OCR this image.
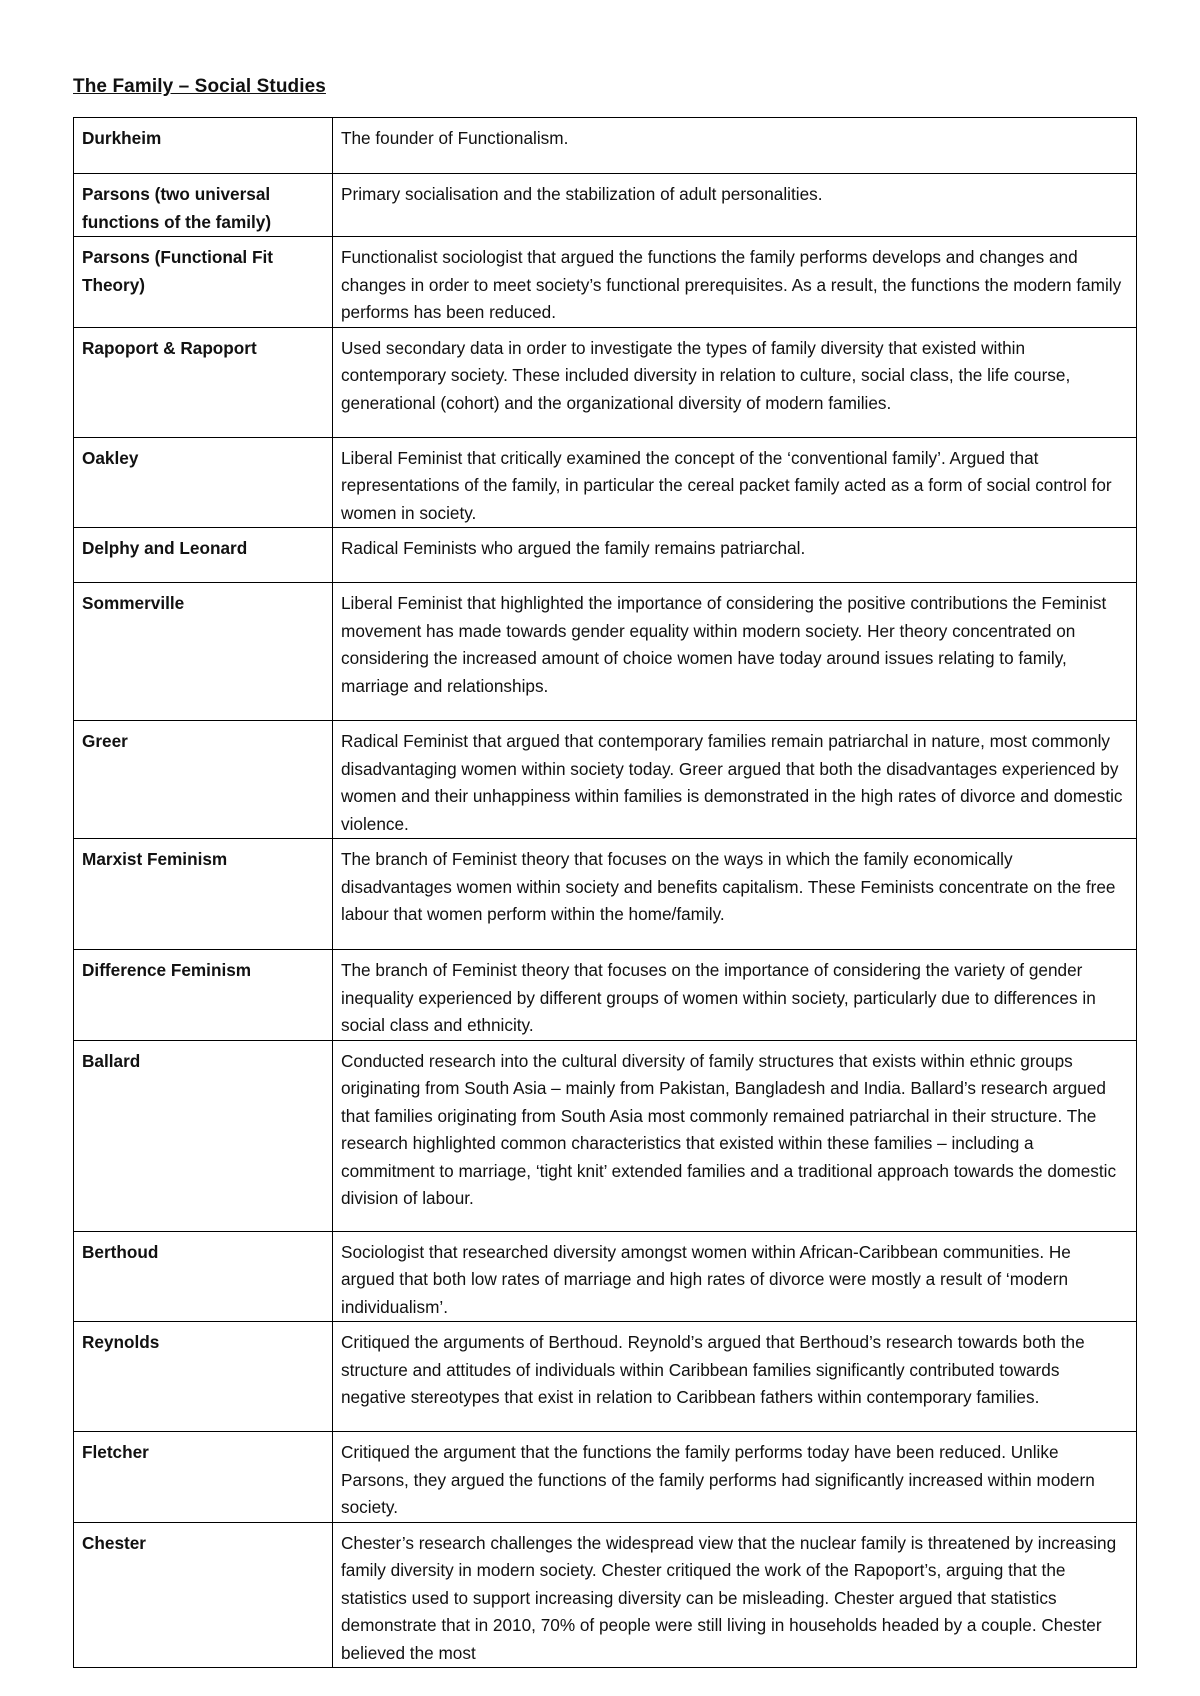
The Family – Social Studies
Durkheim	The founder of Functionalism.
Parsons (two universal functions of the family)	Primary socialisation and the stabilization of adult personalities.
Parsons (Functional Fit Theory)	Functionalist sociologist that argued the functions the family performs develops and changes and changes in order to meet society’s functional prerequisites. As a result, the functions the modern family performs has been reduced.
Rapoport & Rapoport	Used secondary data in order to investigate the types of family diversity that existed within contemporary society. These included diversity in relation to culture, social class, the life course, generational (cohort) and the organizational diversity of modern families.
Oakley	Liberal Feminist that critically examined the concept of the ‘conventional family’. Argued that representations of the family, in particular the cereal packet family acted as a form of social control for women in society.
Delphy and Leonard	Radical Feminists who argued the family remains patriarchal.
Sommerville	Liberal Feminist that highlighted the importance of considering the positive contributions the Feminist movement has made towards gender equality within modern society. Her theory concentrated on considering the increased amount of choice women have today around issues relating to family, marriage and relationships.
Greer	Radical Feminist that argued that contemporary families remain patriarchal in nature, most commonly disadvantaging women within society today. Greer argued that both the disadvantages experienced by women and their unhappiness within families is demonstrated in the high rates of divorce and domestic violence.
Marxist Feminism	The branch of Feminist theory that focuses on the ways in which the family economically disadvantages women within society and benefits capitalism. These Feminists concentrate on the free labour that women perform within the home/family.
Difference Feminism	The branch of Feminist theory that focuses on the importance of considering the variety of gender inequality experienced by different groups of women within society, particularly due to differences in social class and ethnicity.
Ballard	Conducted research into the cultural diversity of family structures that exists within ethnic groups originating from South Asia – mainly from Pakistan, Bangladesh and India. Ballard’s research argued that families originating from South Asia most commonly remained patriarchal in their structure. The research highlighted common characteristics that existed within these families – including a commitment to marriage, ‘tight knit’ extended families and a traditional approach towards the domestic division of labour.
Berthoud	Sociologist that researched diversity amongst women within African-Caribbean communities. He argued that both low rates of marriage and high rates of divorce were mostly a result of ‘modern individualism’.
Reynolds	Critiqued the arguments of Berthoud. Reynold’s argued that Berthoud’s research towards both the structure and attitudes of individuals within Caribbean families significantly contributed towards negative stereotypes that exist in relation to Caribbean fathers within contemporary families.
Fletcher	Critiqued the argument that the functions the family performs today have been reduced. Unlike Parsons, they argued the functions of the family performs had significantly increased within modern society.
Chester	Chester’s research challenges the widespread view that the nuclear family is threatened by increasing family diversity in modern society. Chester critiqued the work of the Rapoport’s, arguing that the statistics used to support increasing diversity can be misleading. Chester argued that statistics demonstrate that in 2010, 70% of people were still living in households headed by a couple. Chester believed the most
